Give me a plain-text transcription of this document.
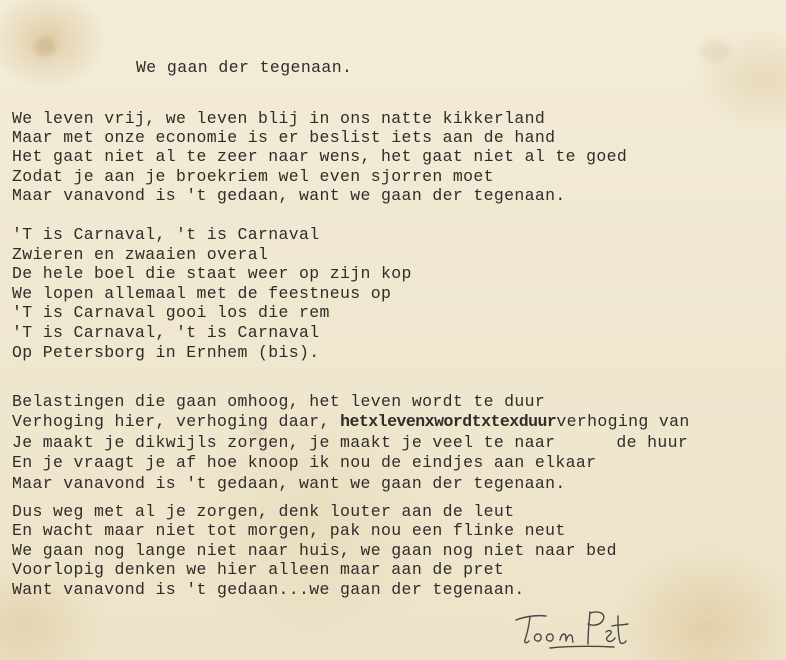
We gaan der tegenaan.
We leven vrij, we leven blij in ons natte kikkerland
Maar met onze economie is er beslist iets aan de hand
Het gaat niet al te zeer naar wens, het gaat niet al te goed
Zodat je aan je broekriem wel even sjorren moet
Maar vanavond is 't gedaan, want we gaan der tegenaan.
'T is Carnaval, 't is Carnaval
Zwieren en zwaaien overal
De hele boel die staat weer op zijn kop
We lopen allemaal met de feestneus op
'T is Carnaval gooi los die rem
'T is Carnaval, 't is Carnaval
Op Petersborg in Ernhem (bis).
Belastingen die gaan omhoog, het leven wordt te duur
Verhoging hier, verhoging daar, hetxlevenxwordtxtexduurverhoging van
Je maakt je dikwijls zorgen, je maakt je veel te naar	de huur
En je vraagt je af hoe knoop ik nou de eindjes aan elkaar
Maar vanavond is 't gedaan, want we gaan der tegenaan.
Dus weg met al je zorgen, denk louter aan de leut
En wacht maar niet tot morgen, pak nou een flinke neut
We gaan nog lange niet naar huis, we gaan nog niet naar bed
Voorlopig denken we hier alleen maar aan de pret
Want vanavond is 't gedaan...we gaan der tegenaan.
